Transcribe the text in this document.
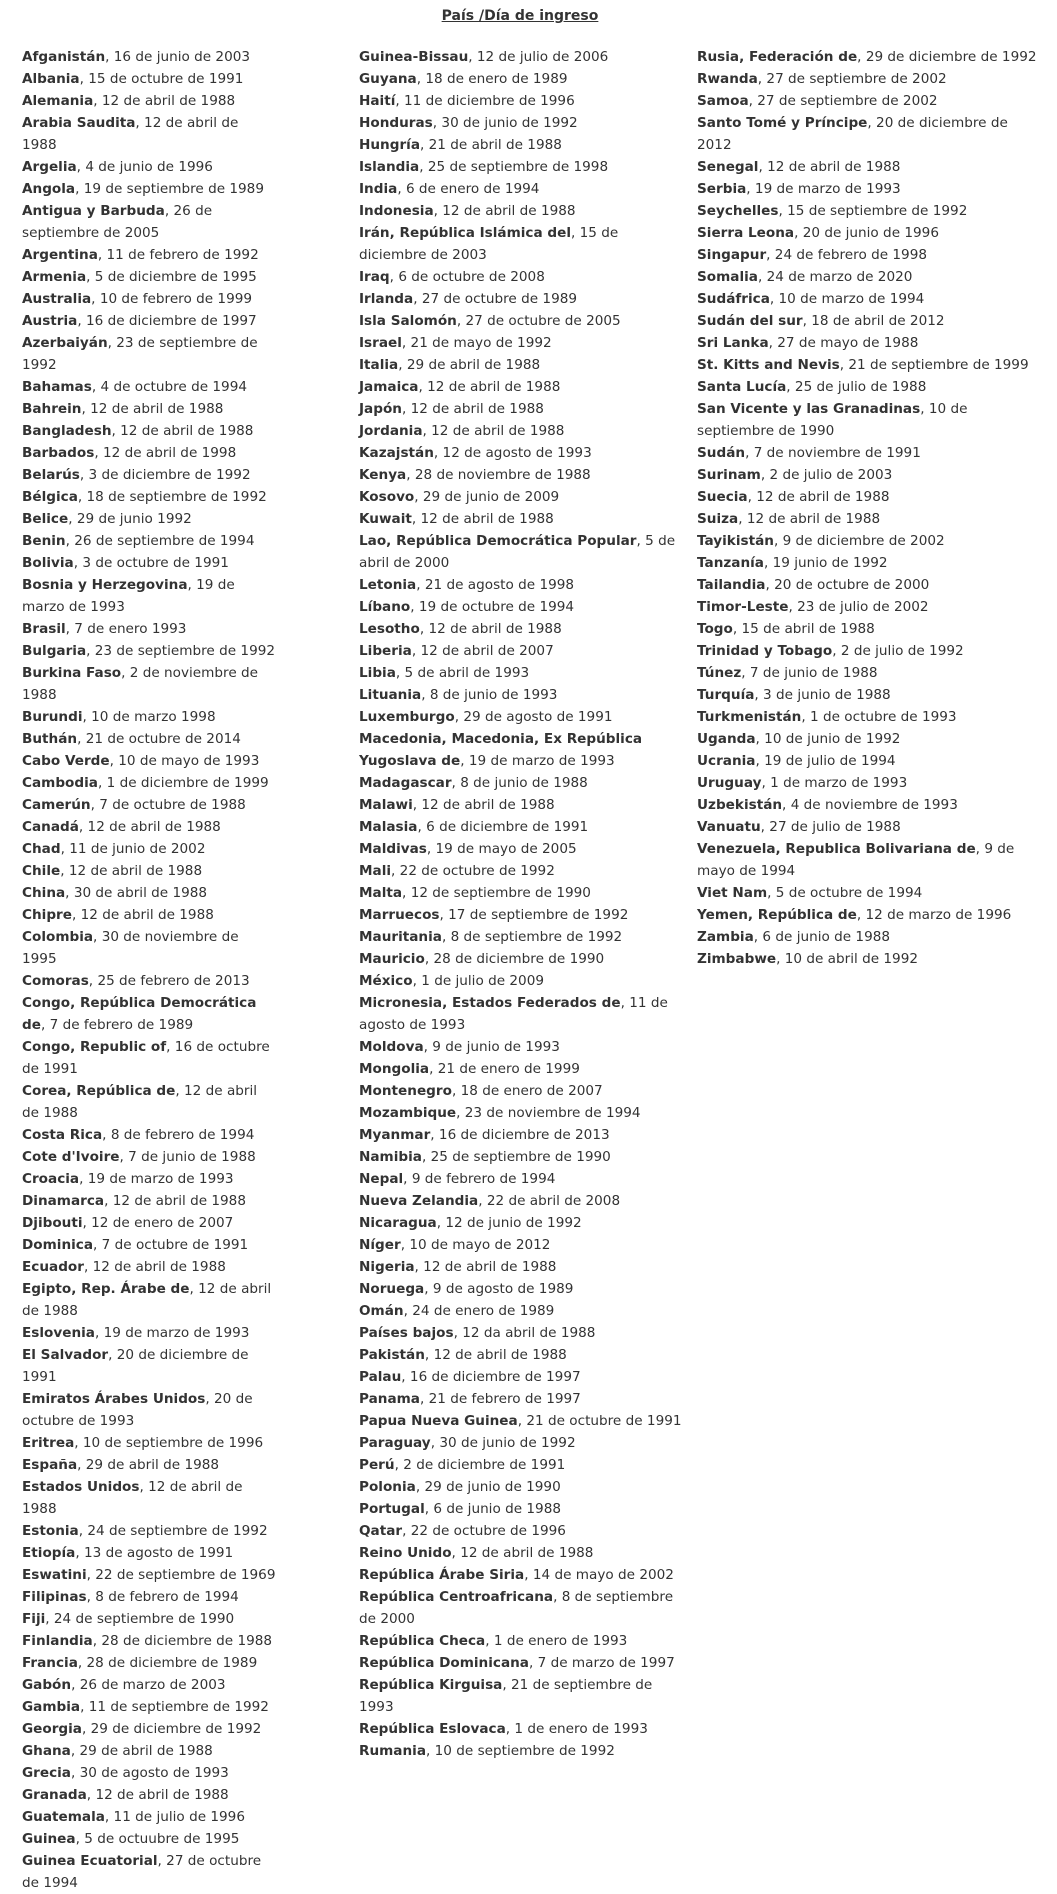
País /Día de ingreso

Afganistán, 16 de junio de 2003

Albania, 15 de octubre de 1991

Alemania, 12 de abril de 1988

Arabia Saudita, 12 de abril de 1988

Argelia, 4 de junio de 1996

Angola, 19 de septiembre de 1989

Antigua y Barbuda, 26 de septiembre de 2005

Argentina, 11 de febrero de 1992

Armenia, 5 de diciembre de 1995

Australia, 10 de febrero de 1999

Austria, 16 de diciembre de 1997

Azerbaiyán, 23 de septiembre de 1992

Bahamas, 4 de octubre de 1994

Bahrein, 12 de abril de 1988

Bangladesh, 12 de abril de 1988

Barbados, 12 de abril de 1998

Belarús, 3 de diciembre de 1992

Bélgica, 18 de septiembre de 1992

Belice, 29 de junio 1992

Benin, 26 de septiembre de 1994

Bolivia, 3 de octubre de 1991

Bosnia y Herzegovina, 19 de marzo de 1993

Brasil, 7 de enero 1993

Bulgaria, 23 de septiembre de 1992

Burkina Faso, 2 de noviembre de 1988

Burundi, 10 de marzo 1998

Buthán, 21 de octubre de 2014

Cabo Verde, 10 de mayo de 1993

Cambodia, 1 de diciembre de 1999

Camerún, 7 de octubre de 1988

Canadá, 12 de abril de 1988

Chad, 11 de junio de 2002

Chile, 12 de abril de 1988

China, 30 de abril de 1988

Chipre, 12 de abril de 1988

Colombia, 30 de noviembre de 1995

Comoras, 25 de febrero de 2013

Congo, República Democrática de, 7 de febrero de 1989

Congo, Republic of, 16 de octubre de 1991

Corea, República de, 12 de abril de 1988

Costa Rica, 8 de febrero de 1994

Cote d'Ivoire, 7 de junio de 1988

Croacia, 19 de marzo de 1993

Dinamarca, 12 de abril de 1988

Djibouti, 12 de enero de 2007

Dominica, 7 de octubre de 1991

Ecuador, 12 de abril de 1988

Egipto, Rep. Árabe de, 12 de abril de 1988

Eslovenia, 19 de marzo de 1993

El Salvador, 20 de diciembre de 1991

Emiratos Árabes Unidos, 20 de octubre de 1993

Eritrea, 10 de septiembre de 1996

España, 29 de abril de 1988

Estados Unidos, 12 de abril de 1988

Estonia, 24 de septiembre de 1992

Etiopía, 13 de agosto de 1991

Eswatini, 22 de septiembre de 1969

Filipinas, 8 de febrero de 1994

Fiji, 24 de septiembre de 1990

Finlandia, 28 de diciembre de 1988

Francia, 28 de diciembre de 1989

Gabón, 26 de marzo de 2003

Gambia, 11 de septiembre de 1992

Georgia, 29 de diciembre de 1992

Ghana, 29 de abril de 1988

Grecia, 30 de agosto de 1993

Granada, 12 de abril de 1988

Guatemala, 11 de julio de 1996

Guinea, 5 de octuubre de 1995

Guinea Ecuatorial, 27 de octubre de 1994

Guinea-Bissau, 12 de julio de 2006

Guyana, 18 de enero de 1989

Haití, 11 de diciembre de 1996

Honduras, 30 de junio de 1992

Hungría, 21 de abril de 1988

Islandia, 25 de septiembre de 1998

India, 6 de enero de 1994

Indonesia, 12 de abril de 1988

Irán, República Islámica del, 15 de diciembre de 2003

Iraq, 6 de octubre de 2008

Irlanda, 27 de octubre de 1989

Isla Salomón, 27 de octubre de 2005

Israel, 21 de mayo de 1992

Italia, 29 de abril de 1988

Jamaica, 12 de abril de 1988

Japón, 12 de abril de 1988

Jordania, 12 de abril de 1988

Kazajstán, 12 de agosto de 1993

Kenya, 28 de noviembre de 1988

Kosovo, 29 de junio de 2009

Kuwait, 12 de abril de 1988

Lao, República Democrática Popular, 5 de abril de 2000

Letonia, 21 de agosto de 1998

Líbano, 19 de octubre de 1994

Lesotho, 12 de abril de 1988

Liberia, 12 de abril de 2007

Libia, 5 de abril de 1993

Lituania, 8 de junio de 1993

Luxemburgo, 29 de agosto de 1991

Macedonia, Macedonia, Ex República Yugoslava de, 19 de marzo de 1993

Madagascar, 8 de junio de 1988

Malawi, 12 de abril de 1988

Malasia, 6 de diciembre de 1991

Maldivas, 19 de mayo de 2005

Mali, 22 de octubre de 1992

Malta, 12 de septiembre de 1990

Marruecos, 17 de septiembre de 1992

Mauritania, 8 de septiembre de 1992

Mauricio, 28 de diciembre de 1990

México, 1 de julio de 2009

Micronesia, Estados Federados de, 11 de agosto de 1993

Moldova, 9 de junio de 1993

Mongolia, 21 de enero de 1999

Montenegro, 18 de enero de 2007

Mozambique, 23 de noviembre de 1994

Myanmar, 16 de diciembre de 2013

Namibia, 25 de septiembre de 1990

Nepal, 9 de febrero de 1994

Nueva Zelandia, 22 de abril de 2008

Nicaragua, 12 de junio de 1992

Níger, 10 de mayo de 2012

Nigeria, 12 de abril de 1988

Noruega, 9 de agosto de 1989

Omán, 24 de enero de 1989

Países bajos, 12 da abril de 1988

Pakistán, 12 de abril de 1988

Palau, 16 de diciembre de 1997

Panama, 21 de febrero de 1997

Papua Nueva Guinea, 21 de octubre de 1991

Paraguay, 30 de junio de 1992

Perú, 2 de diciembre de 1991

Polonia, 29 de junio de 1990

Portugal, 6 de junio de 1988

Qatar, 22 de octubre de 1996

Reino Unido, 12 de abril de 1988

República Árabe Siria, 14 de mayo de 2002

República Centroafricana, 8 de septiembre de 2000

República Checa, 1 de enero de 1993

República Dominicana, 7 de marzo de 1997

República Kirguisa, 21 de septiembre de 1993

República Eslovaca, 1 de enero de 1993

Rumania, 10 de septiembre de 1992

Rusia, Federación de, 29 de diciembre de 1992

Rwanda, 27 de septiembre de 2002

Samoa, 27 de septiembre de 2002

Santo Tomé y Príncipe, 20 de diciembre de 2012

Senegal, 12 de abril de 1988

Serbia, 19 de marzo de 1993

Seychelles, 15 de septiembre de 1992

Sierra Leona, 20 de junio de 1996

Singapur, 24 de febrero de 1998

Somalia, 24 de marzo de 2020

Sudáfrica, 10 de marzo de 1994

Sudán del sur, 18 de abril de 2012

Sri Lanka, 27 de mayo de 1988

St. Kitts and Nevis, 21 de septiembre de 1999

Santa Lucía, 25 de julio de 1988

San Vicente y las Granadinas, 10 de septiembre de 1990

Sudán, 7 de noviembre de 1991

Surinam, 2 de julio de 2003

Suecia, 12 de abril de 1988

Suiza, 12 de abril de 1988

Tayikistán, 9 de diciembre de 2002

Tanzanía, 19 junio de 1992

Tailandia, 20 de octubre de 2000

Timor-Leste, 23 de julio de 2002

Togo, 15 de abril de 1988

Trinidad y Tobago, 2 de julio de 1992

Túnez, 7 de junio de 1988

Turquía, 3 de junio de 1988

Turkmenistán, 1 de octubre de 1993

Uganda, 10 de junio de 1992

Ucrania, 19 de julio de 1994

Uruguay, 1 de marzo de 1993

Uzbekistán, 4 de noviembre de 1993

Vanuatu, 27 de julio de 1988

Venezuela, Republica Bolivariana de, 9 de mayo de 1994

Viet Nam, 5 de octubre de 1994

Yemen, República de, 12 de marzo de 1996

Zambia, 6 de junio de 1988

Zimbabwe, 10 de abril de 1992
